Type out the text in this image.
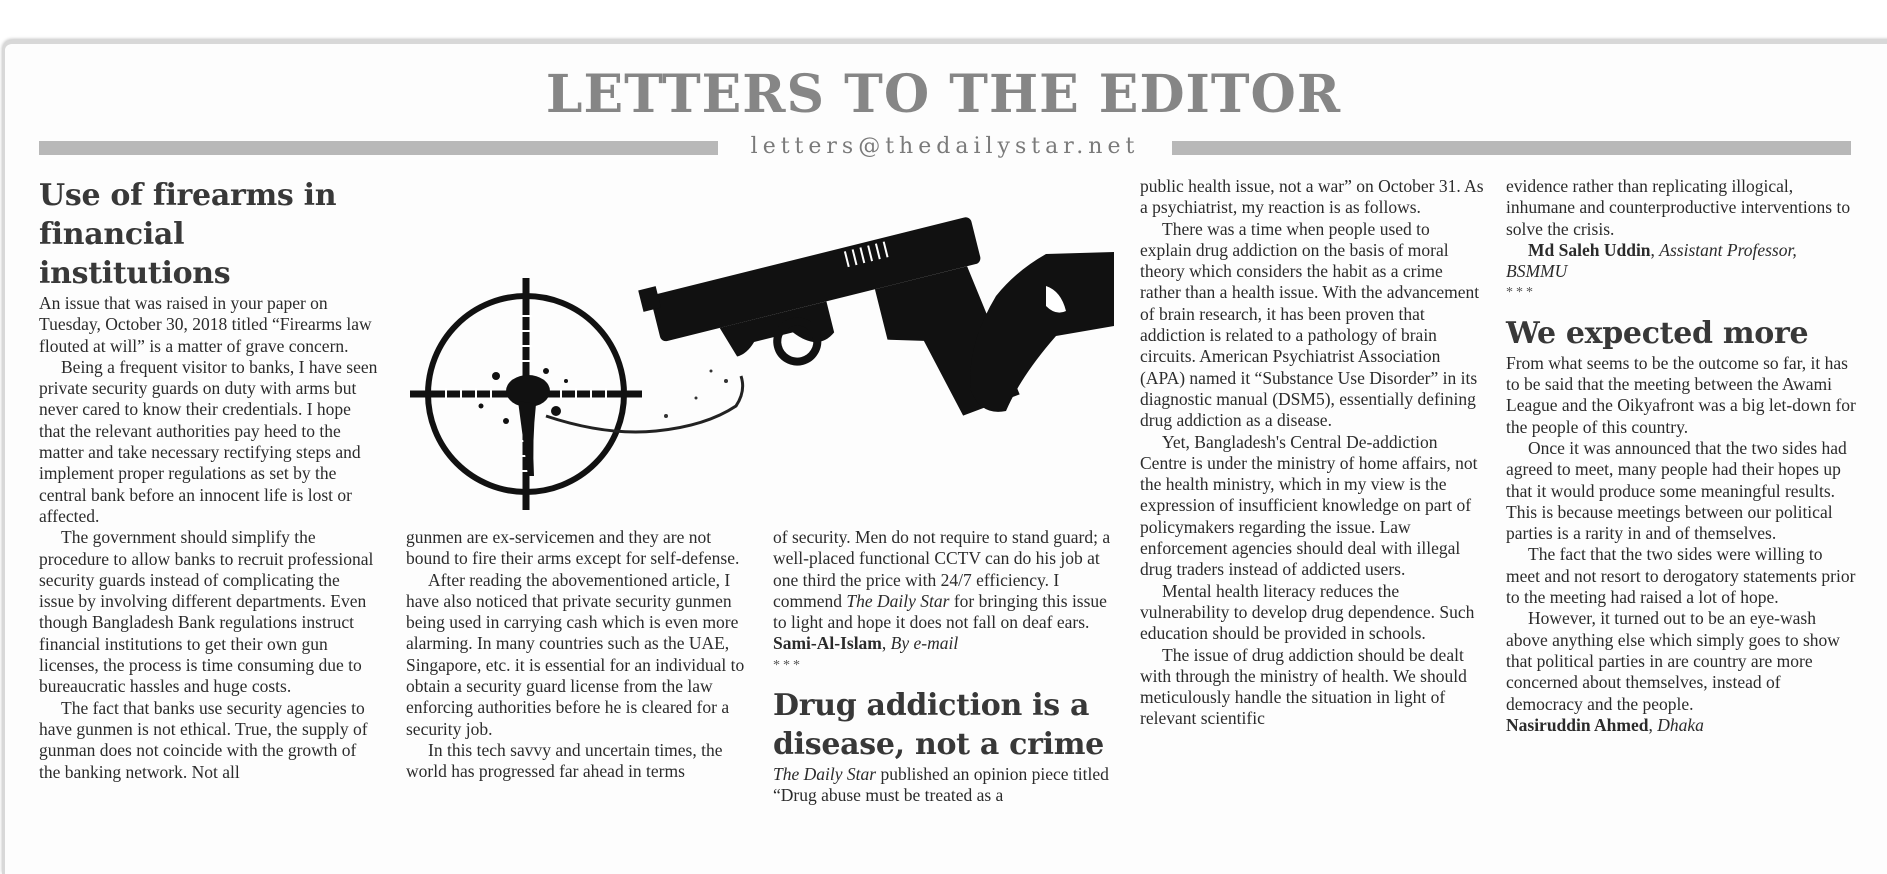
LETTERS TO THE EDITOR
letters@thedailystar.net
Use of firearms in
financial institutions

An issue that was raised in your paper on Tuesday, October 30, 2018 titled “Firearms law flouted at will” is a matter of grave concern.

Being a frequent visitor to banks, I have seen private security guards on duty with arms but never cared to know their credentials. I hope that the relevant authorities pay heed to the matter and take necessary rectifying steps and implement proper regulations as set by the central bank before an innocent life is lost or affected.

The government should simplify the procedure to allow banks to recruit professional security guards instead of complicating the issue by involving different departments. Even though Bangladesh Bank regulations instruct financial institutions to get their own gun licenses, the process is time consuming due to bureaucratic hassles and huge costs.

The fact that banks use security agencies to have gunmen is not ethical. True, the supply of gunman does not coincide with the growth of the banking network. Not all

gunmen are ex-servicemen and they are not bound to fire their arms except for self-defense.

After reading the abovementioned article, I have also noticed that private security gunmen being used in carrying cash which is even more alarming. In many countries such as the UAE, Singapore, etc. it is essential for an individual to obtain a security guard license from the law enforcing authorities before he is cleared for a security job.

In this tech savvy and uncertain times, the world has progressed far ahead in terms

of security. Men do not require to stand guard; a well-placed functional CCTV can do his job at one third the price with 24/7 efficiency. I commend The Daily Star for bringing this issue to light and hope it does not fall on deaf ears.

Sami-Al-Islam, By e-mail

***

Drug addiction is a
disease, not a crime

The Daily Star published an opinion piece titled “Drug abuse must be treated as a

public health issue, not a war” on October 31. As a psychiatrist, my reaction is as follows.

There was a time when people used to explain drug addiction on the basis of moral theory which considers the habit as a crime rather than a health issue. With the advancement of brain research, it has been proven that addiction is related to a pathology of brain circuits. American Psychiatrist Association (APA) named it “Substance Use Disorder” in its diagnostic manual (DSM5), essentially defining drug addiction as a disease.

Yet, Bangladesh's Central De-addiction Centre is under the ministry of home affairs, not the health ministry, which in my view is the expression of insufficient knowledge on part of policymakers regarding the issue. Law enforcement agencies should deal with illegal drug traders instead of addicted users.

Mental health literacy reduces the vulnerability to develop drug dependence. Such education should be provided in schools.

The issue of drug addiction should be dealt with through the ministry of health. We should meticulously handle the situation in light of relevant scientific

evidence rather than replicating illogical, inhumane and counterproductive interventions to solve the crisis.

Md Saleh Uddin, Assistant Professor, BSMMU

***

We expected more

From what seems to be the outcome so far, it has to be said that the meeting between the Awami League and the Oikyafront was a big let-down for the people of this country.

Once it was announced that the two sides had agreed to meet, many people had their hopes up that it would produce some meaningful results. This is because meetings between our political parties is a rarity in and of themselves.

The fact that the two sides were willing to meet and not resort to derogatory statements prior to the meeting had raised a lot of hope.

However, it turned out to be an eye-wash above anything else which simply goes to show that political parties in are country are more concerned about themselves, instead of democracy and the people.

Nasiruddin Ahmed, Dhaka
